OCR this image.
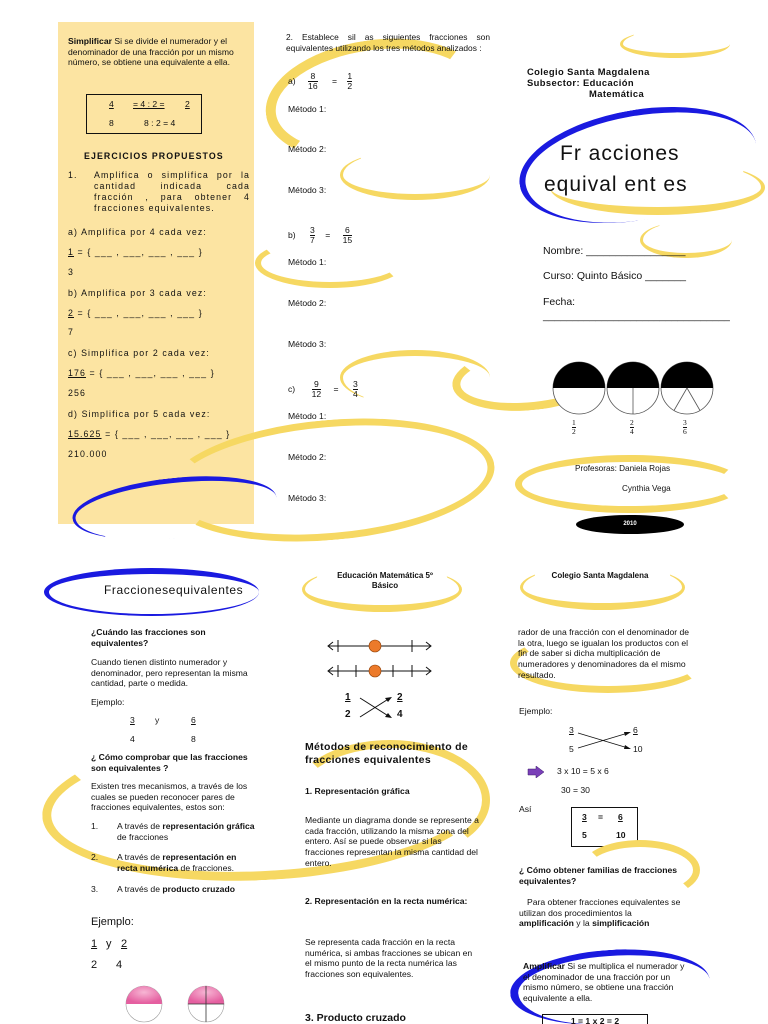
Simplificar Si se divide el numerador y el denominador de una fracción por un mismo número, se obtiene una equivalente a ella.
4 = 4 : 2 = 2
8	8 : 2 = 4
EJERCICIOS PROPUESTOS
1. Amplifica o simplifica por la cantidad indicada cada fracción , para obtener 4 fracciones equivalentes.
a) Amplifica por 4 cada vez:
1 = { ___ , ___, ___ , ___ }
3
b) Amplifica por 3 cada vez:
2 = { ___ , ___, ___ , ___ }
7
c) Simplifica por 2 cada vez:
176 = { ___ , ___, ___ , ___ }
256
d) Simplifica por 5 cada vez:
15.625 = { ___ , ___, ___ , ___ }
210.000
2. Establece sil as siguientes fracciones son equivalentes utilizando los tres métodos analizados :
$a) \frac{8}{16} = \frac{1}{2}$
Método 1:
Método 2:
Método 3:
$b) \frac{3}{7} = \frac{6}{15}$
Método 1:
Método 2:
Método 3:
$c) \frac{9}{12} = \frac{3}{4}$
Método 1:
Método 2:
Método 3:
Colegio Santa Magdalena
Subsector: Educación
Matemática
Fr acciones
equival ent es
Nombre: _________________
Curso: Quinto Básico _______
Fecha:
________________________________
$\frac{1}{2}$	$\frac{2}{4}$	$\frac{3}{6}$
Profesoras: Daniela Rojas
Cynthia Vega
2010
Fraccionesequivalentes
¿Cuándo las fracciones son equivalentes?
Cuando tienen distinto numerador y denominador, pero representan la misma cantidad, parte o medida.
Ejemplo:
3 y	6
4	8
¿ Cómo comprobar que las fracciones son equivalentes ?
Existen tres mecanismos, a través de los cuales se pueden reconocer pares de fracciones equivalentes, estos son:
1. A través de representación gráfica de fracciones
2. A través de representación en recta numérica de fracciones.
3. A través de producto cruzado
Ejemplo:
1 y 2
2 4
Educación Matemática 5º
Básico
1	2
2	4
Métodos de reconocimiento de fracciones equivalentes
1. Representación gráfica
Mediante un diagrama donde se represente a cada fracción, utilizando la misma zona del entero. Así se puede observar si las fracciones representan la misma cantidad del entero.
2. Representación en la recta numérica:
Se representa cada fracción en la recta numérica, si ambas fracciones se ubican en el mismo punto de la recta numérica las fracciones son equivalentes.
3. Producto cruzado
Colegio Santa Magdalena
rador de una fracción con el denominador de la otra, luego se igualan los productos con el fin de saber si dicha multiplicación de numeradores y denominadores da el mismo resultado.
Ejemplo:
3	6
5	10
3 x 10 = 5 x 6
30 = 30
Así
3 = 6
5	10
¿ Cómo obtener familias de fracciones equivalentes?
Para obtener fracciones equivalentes se utilizan dos procedimientos la amplificación y la simplificación
Amplificar Si se multiplica el numerador y el denominador de una fracción por un mismo número, se obtiene una fracción equivalente a ella.
1 = 1 x 2 = 2
